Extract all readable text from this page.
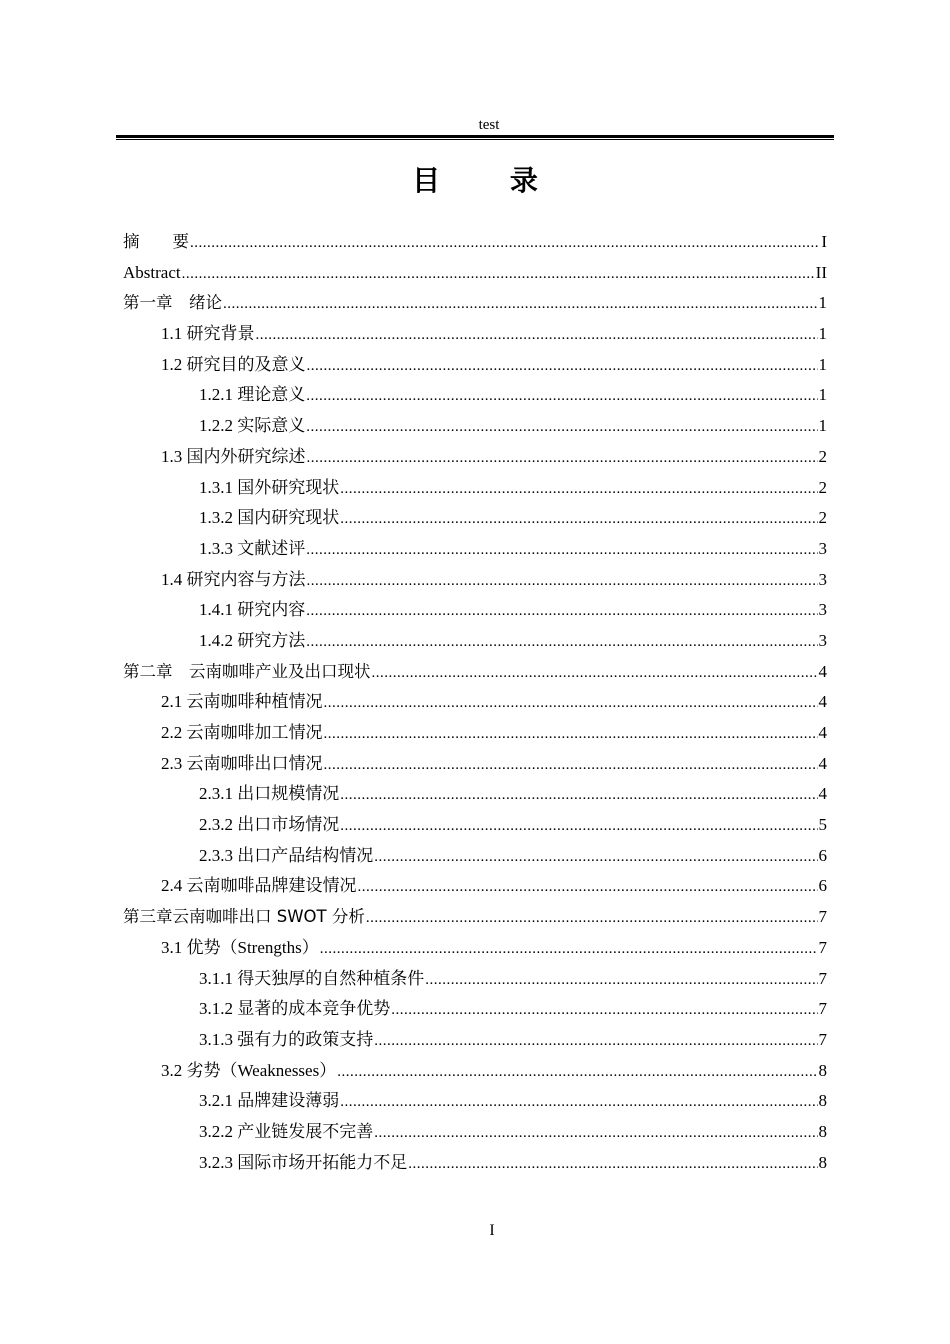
test
目 录
摘　　要 .....	I
Abstract .....	II
第一章　绪论 .....	1
1.1 研究背景 .....	1
1.2 研究目的及意义 .....	1
1.2.1 理论意义 .....	1
1.2.2 实际意义 .....	1
1.3 国内外研究综述 .....	2
1.3.1 国外研究现状 .....	2
1.3.2 国内研究现状 .....	2
1.3.3 文献述评 .....	3
1.4 研究内容与方法 .....	3
1.4.1 研究内容 .....	3
1.4.2 研究方法 .....	3
第二章　云南咖啡产业及出口现状 .....	4
2.1 云南咖啡种植情况 .....	4
2.2 云南咖啡加工情况 .....	4
2.3 云南咖啡出口情况 .....	4
2.3.1 出口规模情况 .....	4
2.3.2 出口市场情况 .....	5
2.3.3 出口产品结构情况 .....	6
2.4 云南咖啡品牌建设情况 .....	6
第三章云南咖啡出口 SWOT 分析 .....	7
3.1 优势（Strengths） .....	7
3.1.1 得天独厚的自然种植条件 .....	7
3.1.2 显著的成本竞争优势 .....	7
3.1.3 强有力的政策支持 .....	7
3.2 劣势（Weaknesses） .....	8
3.2.1 品牌建设薄弱 .....	8
3.2.2 产业链发展不完善 .....	8
3.2.3 国际市场开拓能力不足 .....	8
I
